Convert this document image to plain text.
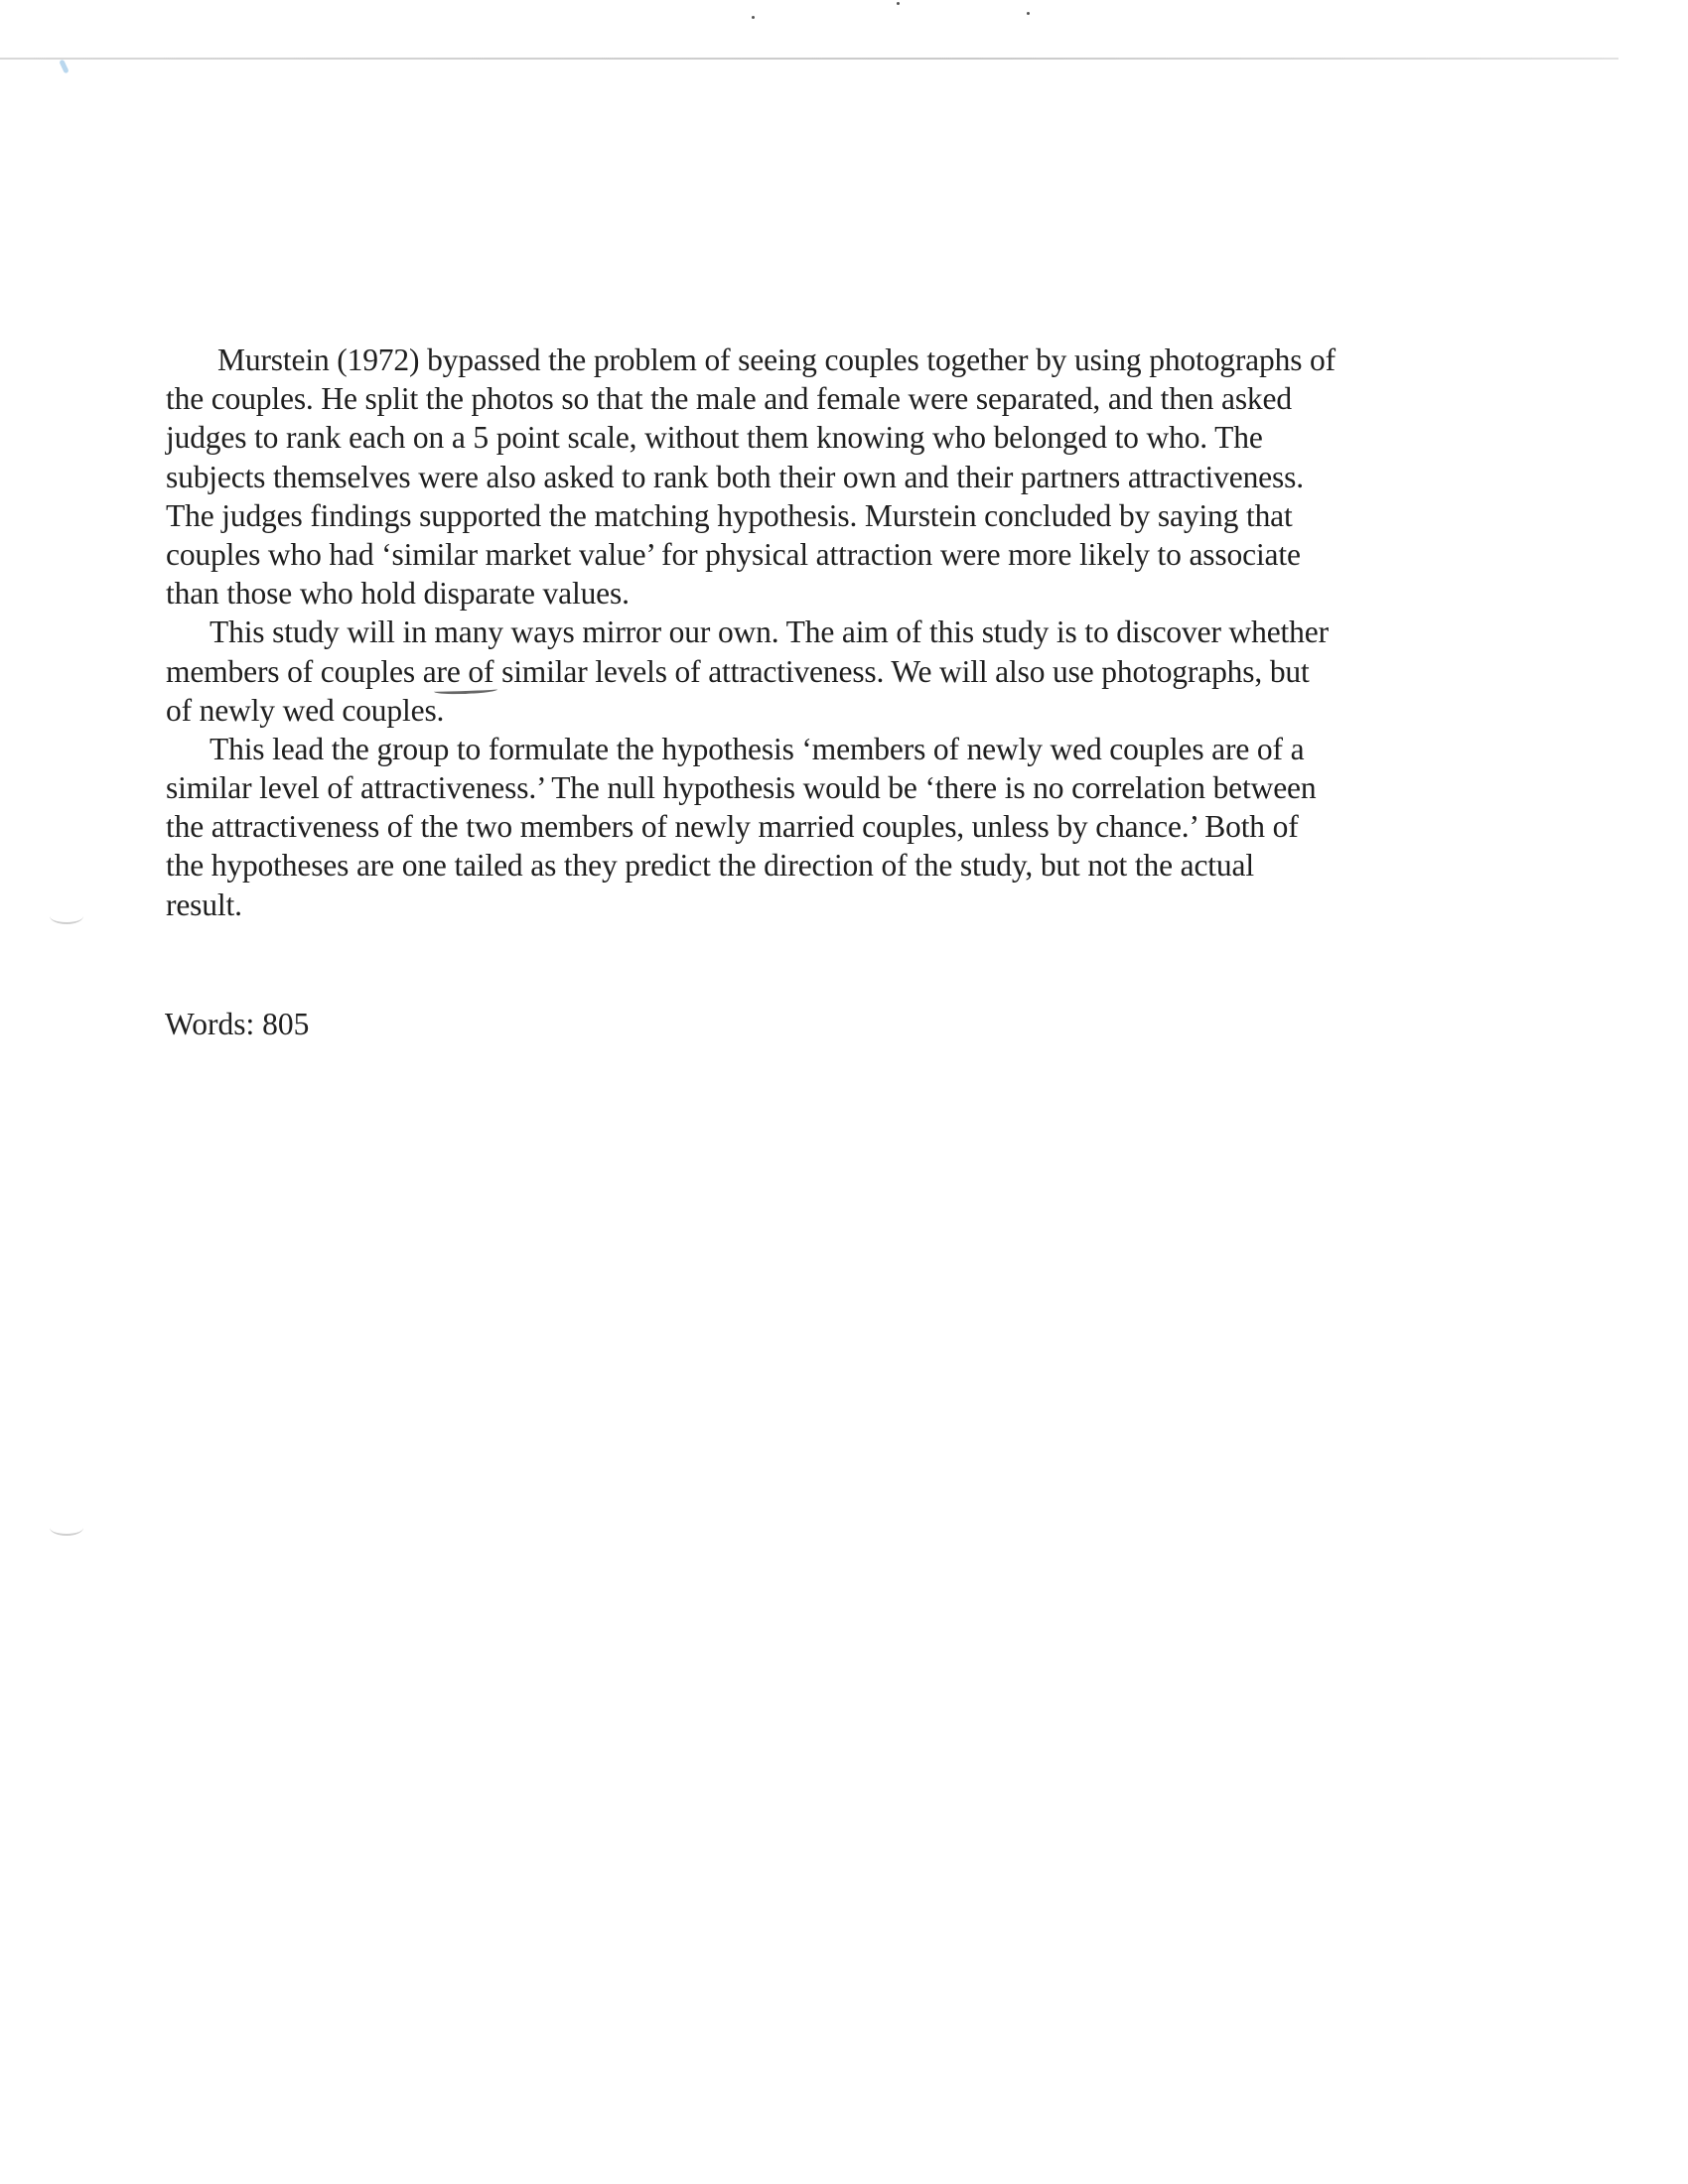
Murstein (1972) bypassed the problem of seeing couples together by using photographs of
the couples. He split the photos so that the male and female were separated, and then asked
judges to rank each on a 5 point scale, without them knowing who belonged to who. The
subjects themselves were also asked to rank both their own and their partners attractiveness.
The judges findings supported the matching hypothesis. Murstein concluded by saying that
couples who had ‘similar market value’ for physical attraction were more likely to associate
than those who hold disparate values.
This study will in many ways mirror our own. The aim of this study is to discover whether
members of couples are of similar levels of attractiveness. We will also use photographs, but
of newly wed couples.
This lead the group to formulate the hypothesis ‘members of newly wed couples are of a
similar level of attractiveness.’ The null hypothesis would be ‘there is no correlation between
the attractiveness of the two members of newly married couples, unless by chance.’ Both of
the hypotheses are one tailed as they predict the direction of the study, but not the actual
result.
Words: 805
